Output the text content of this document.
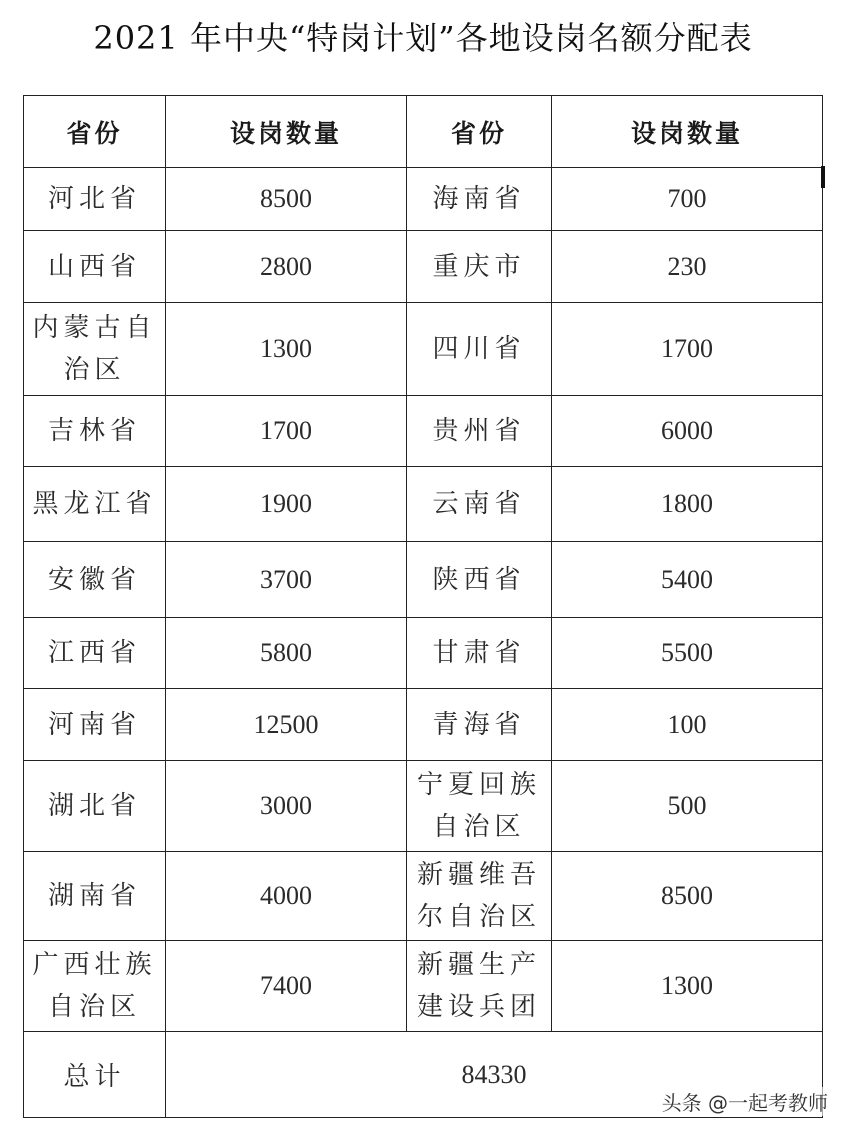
2021 年中央“特岗计划”各地设岗名额分配表
省份	设岗数量	省份	设岗数量
河北省	8500	海南省	700
山西省	2800	重庆市	230
内蒙古自治区	1300	四川省	1700
吉林省	1700	贵州省	6000
黑龙江省	1900	云南省	1800
安徽省	3700	陕西省	5400
江西省	5800	甘肃省	5500
河南省	12500	青海省	100
湖北省	3000	宁夏回族自治区	500
湖南省	4000	新疆维吾尔自治区	8500
广西壮族自治区	7400	新疆生产建设兵团	1300
总计	84330		
头条 @一起考教师
